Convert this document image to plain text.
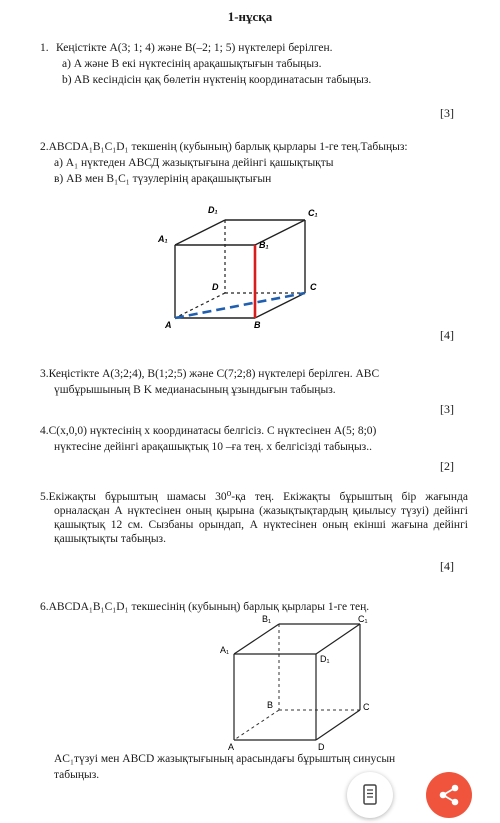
1-нұсқа
1. Кеңістікте A(3; 1; 4) және B(–2; 1; 5) нүктелері берілген.
а) A және B екі нүктесінің арақашықтығын табыңыз.
b) AB кесіндісін қақ бөлетін нүктенің координатасын табыңыз.
[3]
2.ABCDA₁B₁C₁D₁ текшенің (кубының) барлық қырлары 1-ге тең.Табыңыз:
а) A₁ нүктеден АВСД жазықтығына дейінгі қашықтықты
в) AB мен B₁C₁ түзулерінің арақашықтығын
D₁	C₁
A₁
B₁
D	C
A	B
[4]
3.Кеңістікте A(3;2;4), B(1;2;5) және C(7;2;8) нүктелері берілген. ABC
үшбұрышының B K медианасының ұзындығын табыңыз.
[3]
4.C(x,0,0) нүктесінің x координатасы белгісіз. С нүктесінен A(5; 8;0)
нүктесіне дейінгі арақашықтық 10 –ға тең. x белгісізді табыңыз..
[2]
5.Екіжақты бұрыштың шамасы 30⁰-қа тең. Екіжақты бұрыштың бір жағында орналасқан А нүктесінен оның қырына (жазықтықтардың қиылысу түзуі) дейінгі қашықтық 12 см. Сызбаны орындап, А нүктесінен оның екінші жағына дейінгі қашықтықты табыңыз.
[4]
6.ABCDA₁B₁C₁D₁ текшесінің (кубының) барлық қырлары 1-ге тең.
B₁	C₁
A₁
D₁
B	C
A	D
AC₁түзуі мен ABCD жазықтығының арасындағы бұрыштың синусын
табыңыз.
